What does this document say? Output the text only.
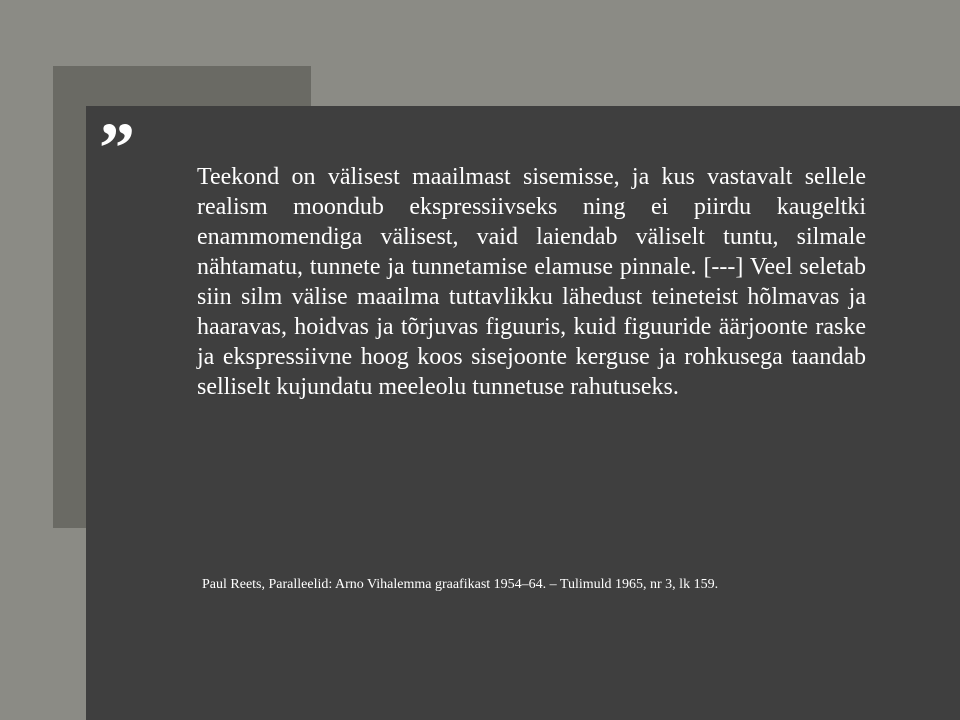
”	Teekond on välisest maailmast sisemisse, ja kus vastavalt sellele realism moondub ekspressiivseks ning ei piirdu kaugeltki enammomendiga välisest, vaid laiendab väliselt tuntu, silmale nähtamatu, tunnete ja tunnetamise elamuse pinnale. [---] Veel seletab siin silm välise maailma tuttavlikku lähedust teineteist hõlmavas ja haaravas, hoidvas ja tõrjuvas figuuris, kuid figuuride äärjoonte raske ja ekspressiivne hoog koos sisejoonte kerguse ja rohkusega taandab selliselt kujundatu meeleolu tunnetuse rahutuseks.

Paul Reets, Paralleelid: Arno Vihalemma graafikast 1954–64. – Tulimuld 1965, nr 3, lk 159.
